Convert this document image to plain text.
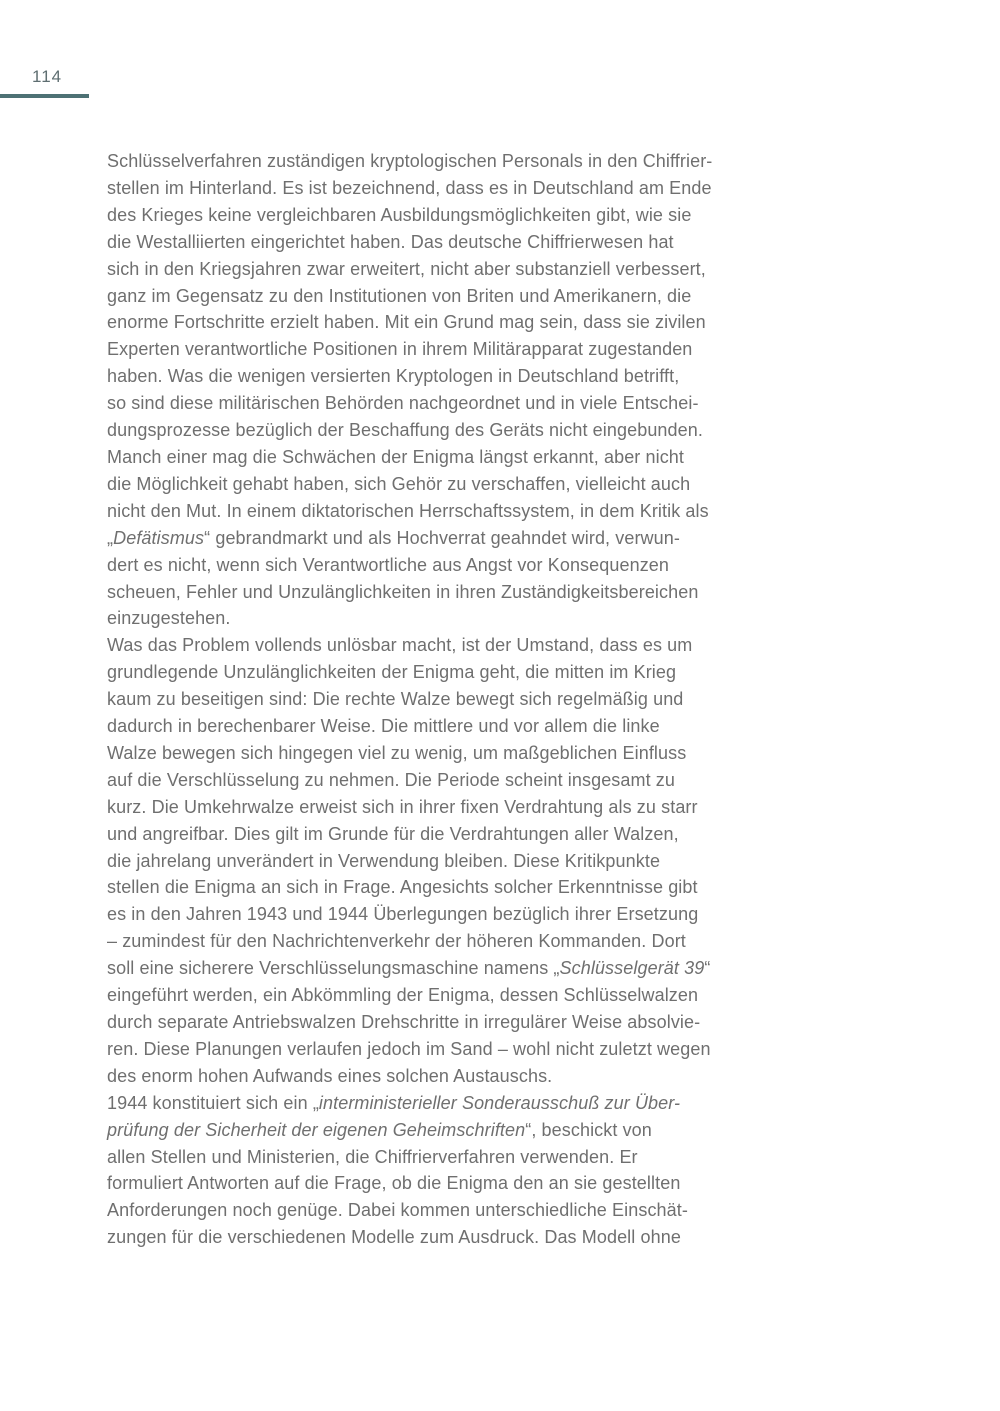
114
Schlüsselverfahren zuständigen kryptologischen Personals in den Chiffrier-
stellen im Hinterland. Es ist bezeichnend, dass es in Deutschland am Ende
des Krieges keine vergleichbaren Ausbildungsmöglichkeiten gibt, wie sie
die Westalliierten eingerichtet haben. Das deutsche Chiffrierwesen hat
sich in den Kriegsjahren zwar erweitert, nicht aber substanziell verbessert,
ganz im Gegensatz zu den Institutionen von Briten und Amerikanern, die
enorme Fortschritte erzielt haben. Mit ein Grund mag sein, dass sie zivilen
Experten verantwortliche Positionen in ihrem Militärapparat zugestanden
haben. Was die wenigen versierten Kryptologen in Deutschland betrifft,
so sind diese militärischen Behörden nachgeordnet und in viele Entschei-
dungsprozesse bezüglich der Beschaffung des Geräts nicht eingebunden.
Manch einer mag die Schwächen der Enigma längst erkannt, aber nicht
die Möglichkeit gehabt haben, sich Gehör zu verschaffen, vielleicht auch
nicht den Mut. In einem diktatorischen Herrschaftssystem, in dem Kritik als
„Defätismus“ gebrandmarkt und als Hochverrat geahndet wird, verwun-
dert es nicht, wenn sich Verantwortliche aus Angst vor Konsequenzen
scheuen, Fehler und Unzulänglichkeiten in ihren Zuständigkeitsbereichen
einzugestehen.
Was das Problem vollends unlösbar macht, ist der Umstand, dass es um
grundlegende Unzulänglichkeiten der Enigma geht, die mitten im Krieg
kaum zu beseitigen sind: Die rechte Walze bewegt sich regelmäßig und
dadurch in berechenbarer Weise. Die mittlere und vor allem die linke
Walze bewegen sich hingegen viel zu wenig, um maßgeblichen Einfluss
auf die Verschlüsselung zu nehmen. Die Periode scheint insgesamt zu
kurz. Die Umkehrwalze erweist sich in ihrer fixen Verdrahtung als zu starr
und angreifbar. Dies gilt im Grunde für die Verdrahtungen aller Walzen,
die jahrelang unverändert in Verwendung bleiben. Diese Kritikpunkte
stellen die Enigma an sich in Frage. Angesichts solcher Erkenntnisse gibt
es in den Jahren 1943 und 1944 Überlegungen bezüglich ihrer Ersetzung
– zumindest für den Nachrichtenverkehr der höheren Kommanden. Dort
soll eine sicherere Verschlüsselungsmaschine namens „Schlüsselgerät 39“
eingeführt werden, ein Abkömmling der Enigma, dessen Schlüsselwalzen
durch separate Antriebswalzen Drehschritte in irregulärer Weise absolvie-
ren. Diese Planungen verlaufen jedoch im Sand – wohl nicht zuletzt wegen
des enorm hohen Aufwands eines solchen Austauschs.
1944 konstituiert sich ein „interministerieller Sonderausschuß zur Über-
prüfung der Sicherheit der eigenen Geheimschriften“, beschickt von
allen Stellen und Ministerien, die Chiffrierverfahren verwenden. Er
formuliert Antworten auf die Frage, ob die Enigma den an sie gestellten
Anforderungen noch genüge. Dabei kommen unterschiedliche Einschät-
zungen für die verschiedenen Modelle zum Ausdruck. Das Modell ohne
